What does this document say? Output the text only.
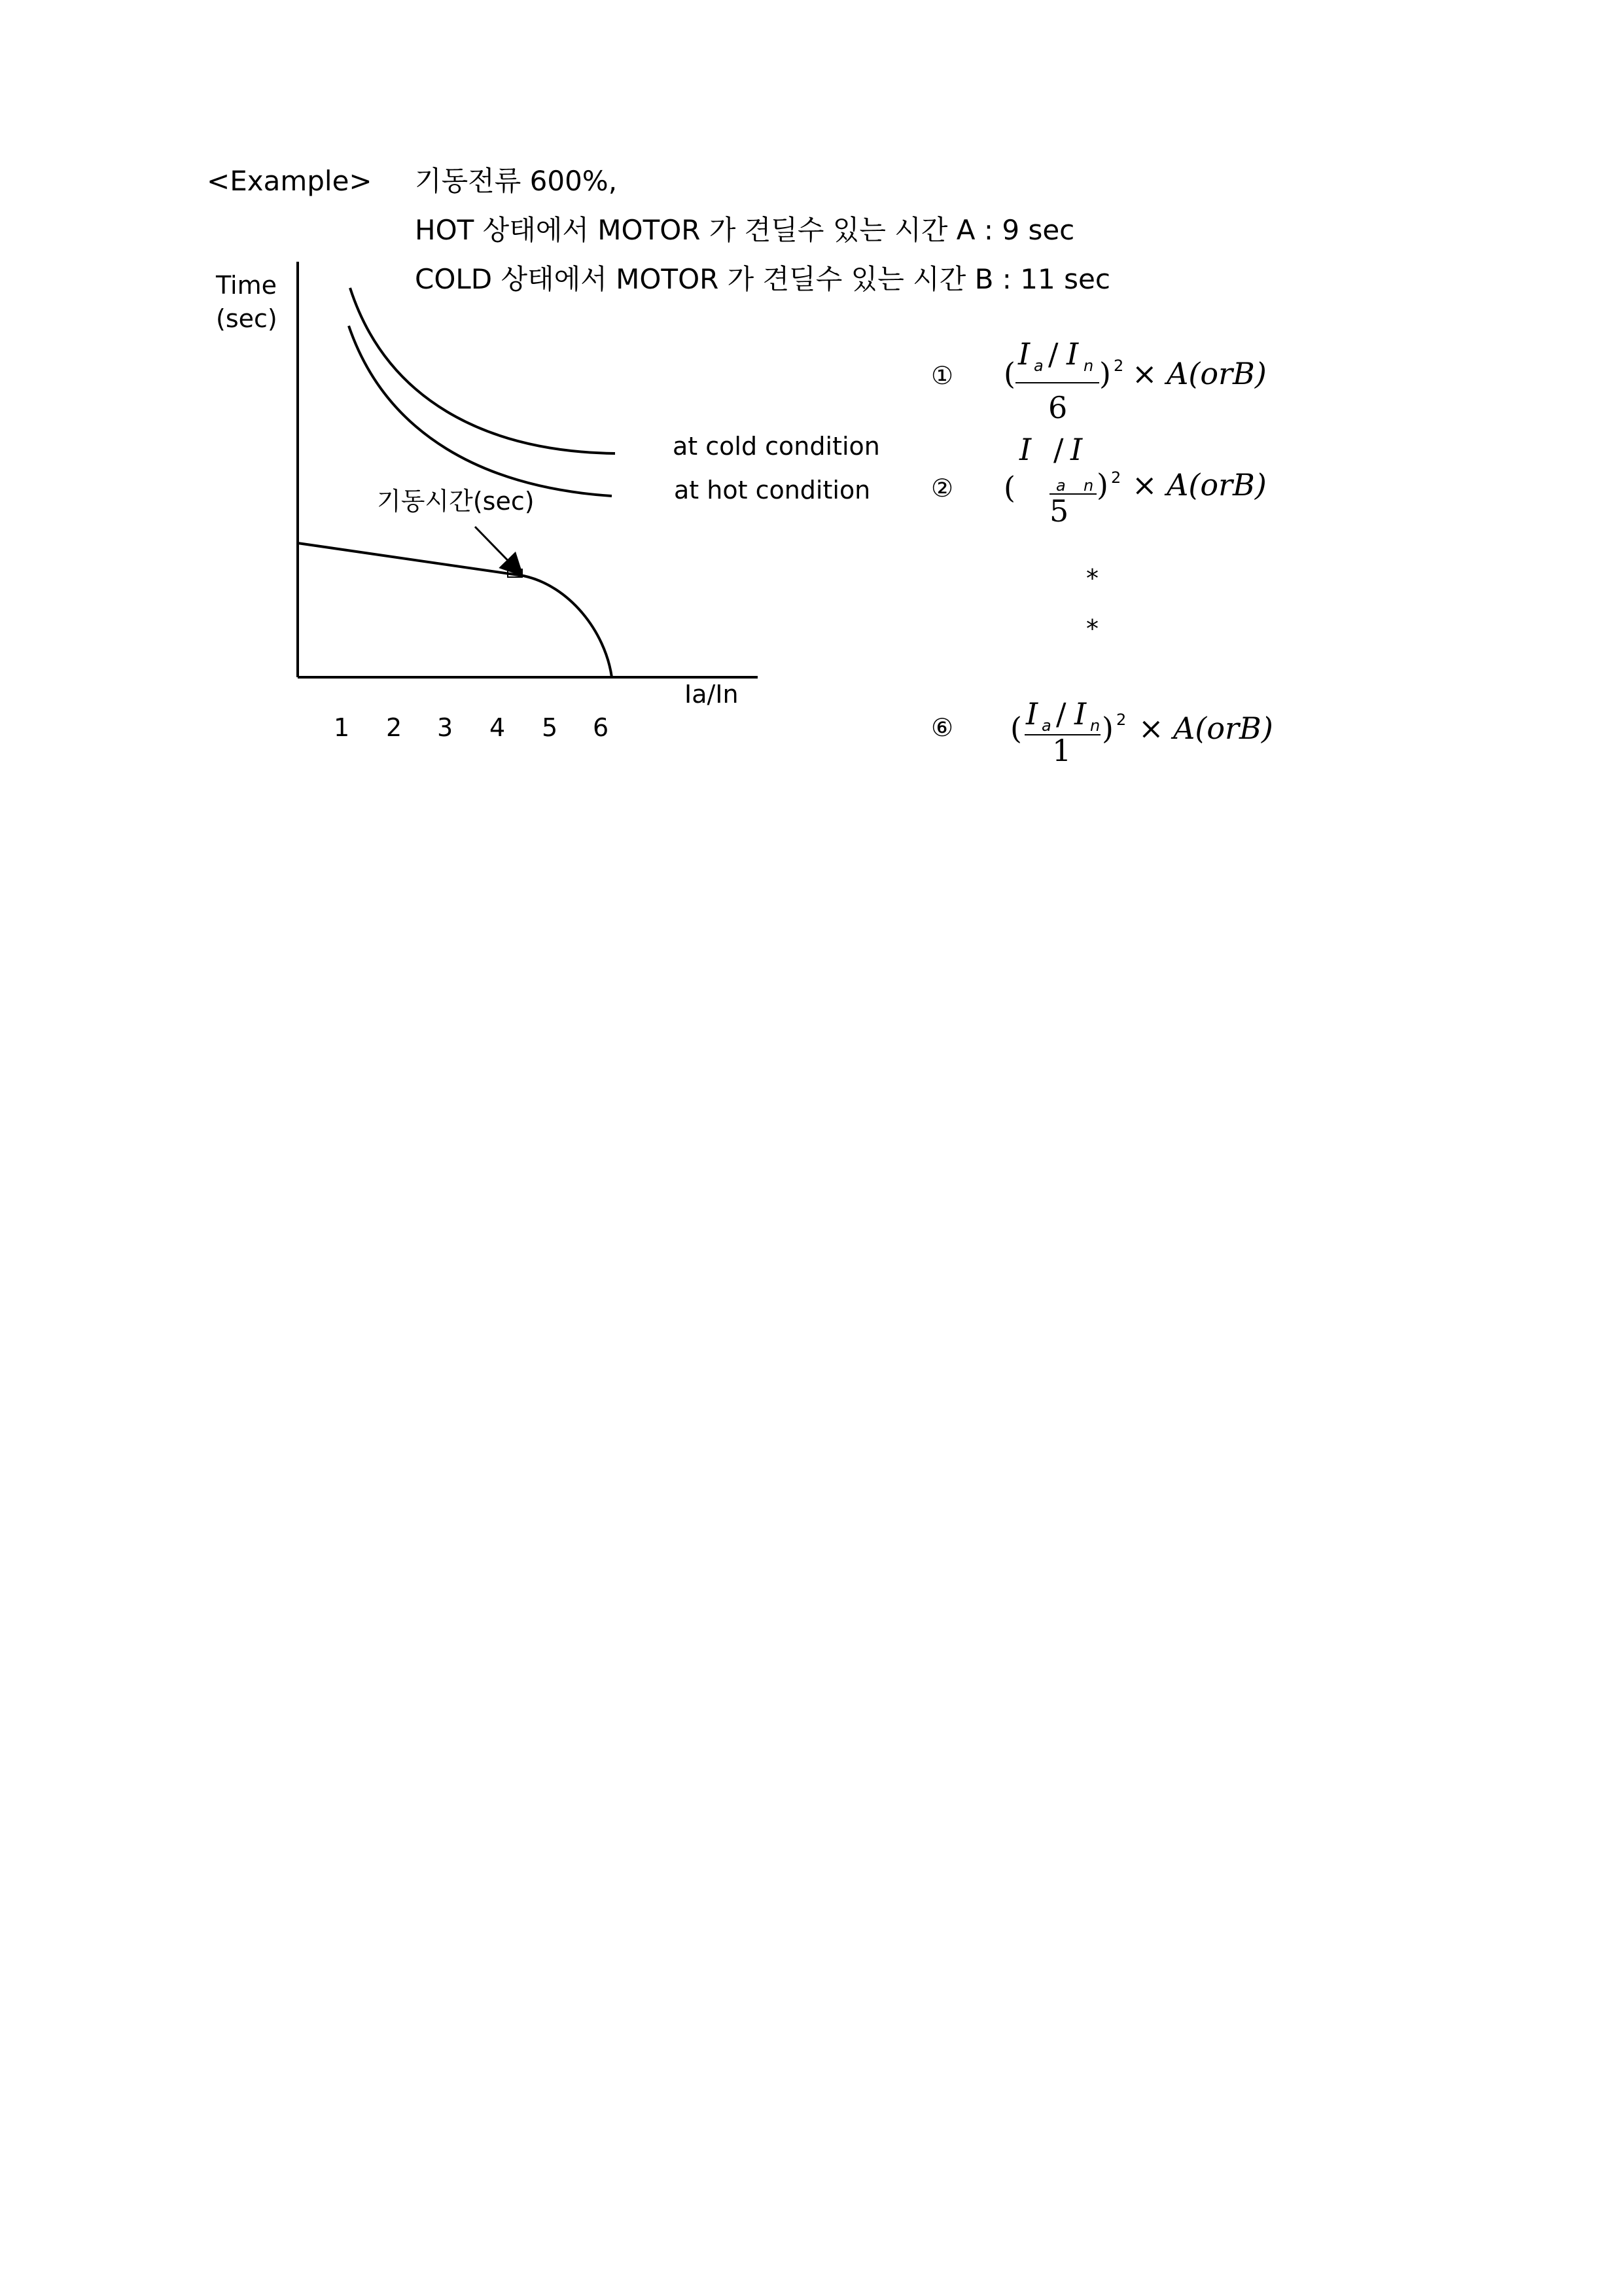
<Example> 기동전류 600%,
HOT 상태에서 MOTOR 가 견딜수 있는 시간 A : 9 sec
COLD 상태에서 MOTOR 가 견딜수 있는 시간 B : 11 sec
Time
(sec)
Ia/In
at cold condition
at hot condition
기동시간(sec)
1 2 3 4 5 6
① (
I a / I n
6
) 2 × A(orB)
②
I / I
(	a n
5
) 2 × A(orB)
*
*
⑥ ( I a / I n
1
) 2 × A(orB)
